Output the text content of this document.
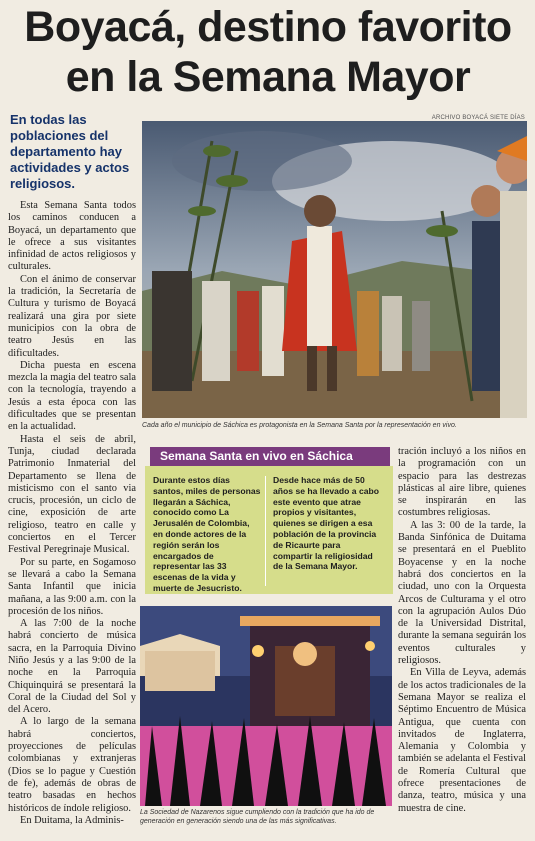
Boyacá, destino favorito
en la Semana Mayor
En todas las poblaciones del departamento hay actividades y actos religiosos.
ARCHIVO BOYACÁ SIETE DÍAS
Cada año el municipio de Sáchica es protagonista en la Semana Santa por la representación en vivo.

Esta Semana Santa todos los caminos conducen a Boyacá, un departamento que le ofrece a sus visitantes infinidad de actos religiosos y culturales.

Con el ánimo de conservar la tradición, la Secretaría de Cultura y turismo de Boyacá realizará una gira por siete municipios con la obra de teatro Jesús en las dificultades.

Dicha puesta en escena mezcla la magia del teatro sala con la tecnología, trayendo a Jesús a esta época con las dificultades que se presentan en la actualidad.

Hasta el seis de abril, Tunja, ciudad declarada Patrimonio Inmaterial del Departamento se llena de misticismo con el santo via crucis, procesión, un ciclo de cine, exposición de arte religioso, teatro en calle y conciertos en el Tercer Festival Peregrinaje Musical.

Por su parte, en Sogamoso se llevará a cabo la Semana Santa Infantil que inicia mañana, a las 9:00 a.m. con la procesión de los niños.

A las 7:00 de la noche habrá concierto de música sacra, en la Parroquia Divino Niño Jesús y a las 9:00 de la noche en la Parroquia Chiquinquirá se presentará la Coral de la Ciudad del Sol y del Acero.

A lo largo de la semana habrá conciertos, proyecciones de películas colombianas y extranjeras (Dios se lo pague y Cuestión de fe), además de obras de teatro basadas en hechos históricos de índole religioso.

En Duitama, la Adminis-

Semana Santa en vivo en Sáchica
Durante estos días santos, miles de personas llegarán a Sáchica, conocido como La Jerusalén de Colombia, en donde actores de la región serán los encargados de representar las 33 escenas de la vida y muerte de Jesucristo.
Desde hace más de 50 años se ha llevado a cabo este evento que atrae propios y visitantes, quienes se dirigen a esa población de la provincia de Ricaurte para compartir la religiosidad de la Semana Mayor.

tración incluyó a los niños en la programación con un espacio para las destrezas plásticas al aire libre, quienes se inspirarán en las costumbres religiosas.

A las 3: 00 de la tarde, la Banda Sinfónica de Duitama se presentará en el Pueblito Boyacense y en la noche habrá dos conciertos en la ciudad, uno con la Orquesta Arcos de Culturama y el otro con la agrupación Aulos Dúo de la Universidad Distrital, durante la semana seguirán los eventos culturales y religiosos.

En Villa de Leyva, además de los actos tradicionales de la Semana Mayor se realiza el Séptimo Encuentro de Música Antigua, que cuenta con invitados de Inglaterra, Alemania y Colombia y también se adelanta el Festival de Romería Cultural que ofrece presentaciones de danza, teatro, música y una muestra de cine.

La Sociedad de Nazarenos sigue cumpliendo con la tradición que ha ido de generación en generación siendo una de las más significativas.
